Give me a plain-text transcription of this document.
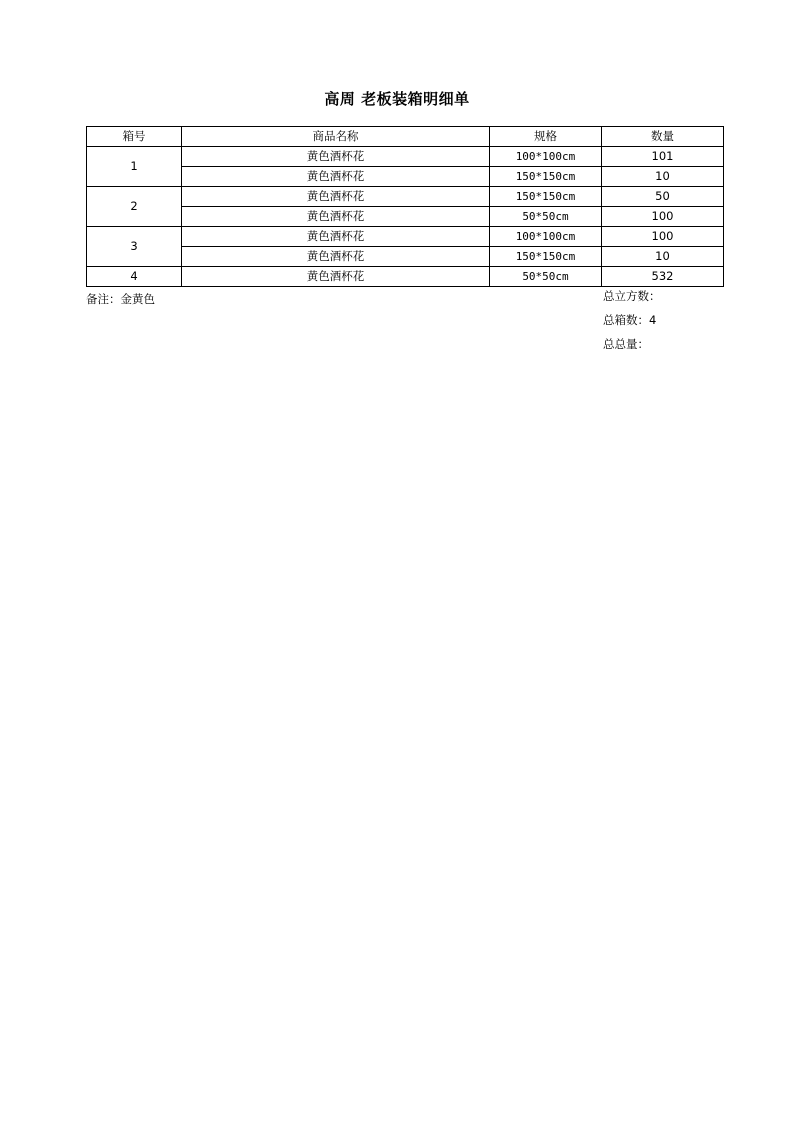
高周 老板装箱明细单
箱号	商品名称	规格	数量
1	黄色酒杯花	100*100cm	101
	黄色酒杯花	150*150cm	10
2	黄色酒杯花	150*150cm	50
	黄色酒杯花	50*50cm	100
3	黄色酒杯花	100*100cm	100
	黄色酒杯花	150*150cm	10
4	黄色酒杯花	50*50cm	532
备注：金黄色	总立方数：
总箱数：4
总总量：
